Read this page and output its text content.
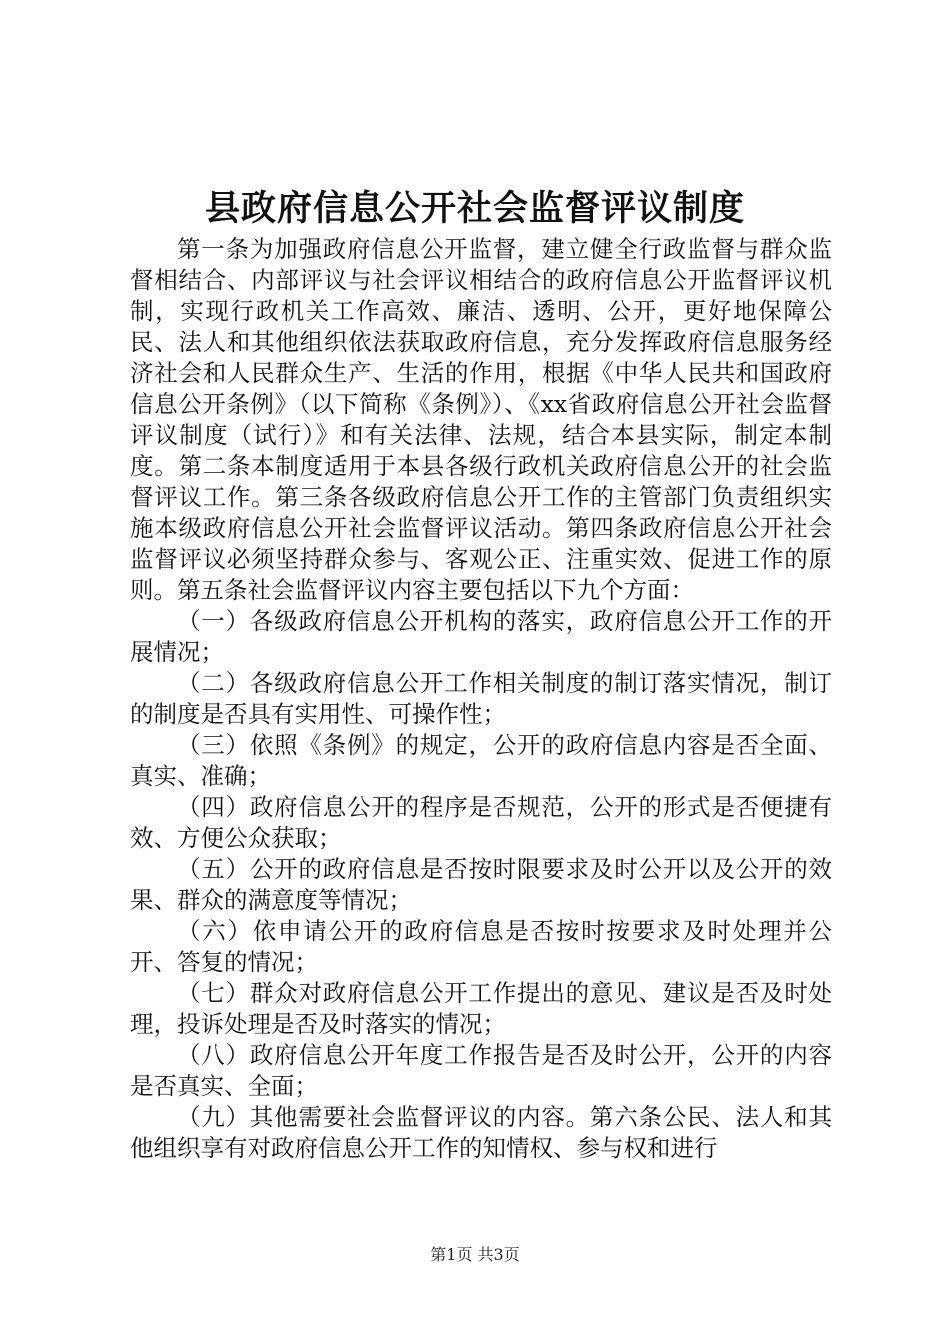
县政府信息公开社会监督评议制度

第一条为加强政府信息公开监督，建立健全行政监督与群众监督相结合、内部评议与社会评议相结合的政府信息公开监督评议机制，实现行政机关工作高效、廉洁、透明、公开，更好地保障公民、法人和其他组织依法获取政府信息，充分发挥政府信息服务经济社会和人民群众生产、生活的作用，根据《中华人民共和国政府信息公开条例》（以下简称《条例》）、《xx省政府信息公开社会监督评议制度（试行）》和有关法律、法规，结合本县实际，制定本制度。第二条本制度适用于本县各级行政机关政府信息公开的社会监督评议工作。第三条各级政府信息公开工作的主管部门负责组织实施本级政府信息公开社会监督评议活动。第四条政府信息公开社会监督评议必须坚持群众参与、客观公正、注重实效、促进工作的原则。第五条社会监督评议内容主要包括以下九个方面：

（一）各级政府信息公开机构的落实，政府信息公开工作的开展情况；

（二）各级政府信息公开工作相关制度的制订落实情况，制订的制度是否具有实用性、可操作性；

（三）依照《条例》的规定，公开的政府信息内容是否全面、真实、准确；

（四）政府信息公开的程序是否规范，公开的形式是否便捷有效、方便公众获取；

（五）公开的政府信息是否按时限要求及时公开以及公开的效果、群众的满意度等情况；

（六）依申请公开的政府信息是否按时按要求及时处理并公开、答复的情况；

（七）群众对政府信息公开工作提出的意见、建议是否及时处理，投诉处理是否及时落实的情况；

（八）政府信息公开年度工作报告是否及时公开，公开的内容是否真实、全面；

（九）其他需要社会监督评议的内容。第六条公民、法人和其他组织享有对政府信息公开工作的知情权、参与权和进行

第1页 共3页
